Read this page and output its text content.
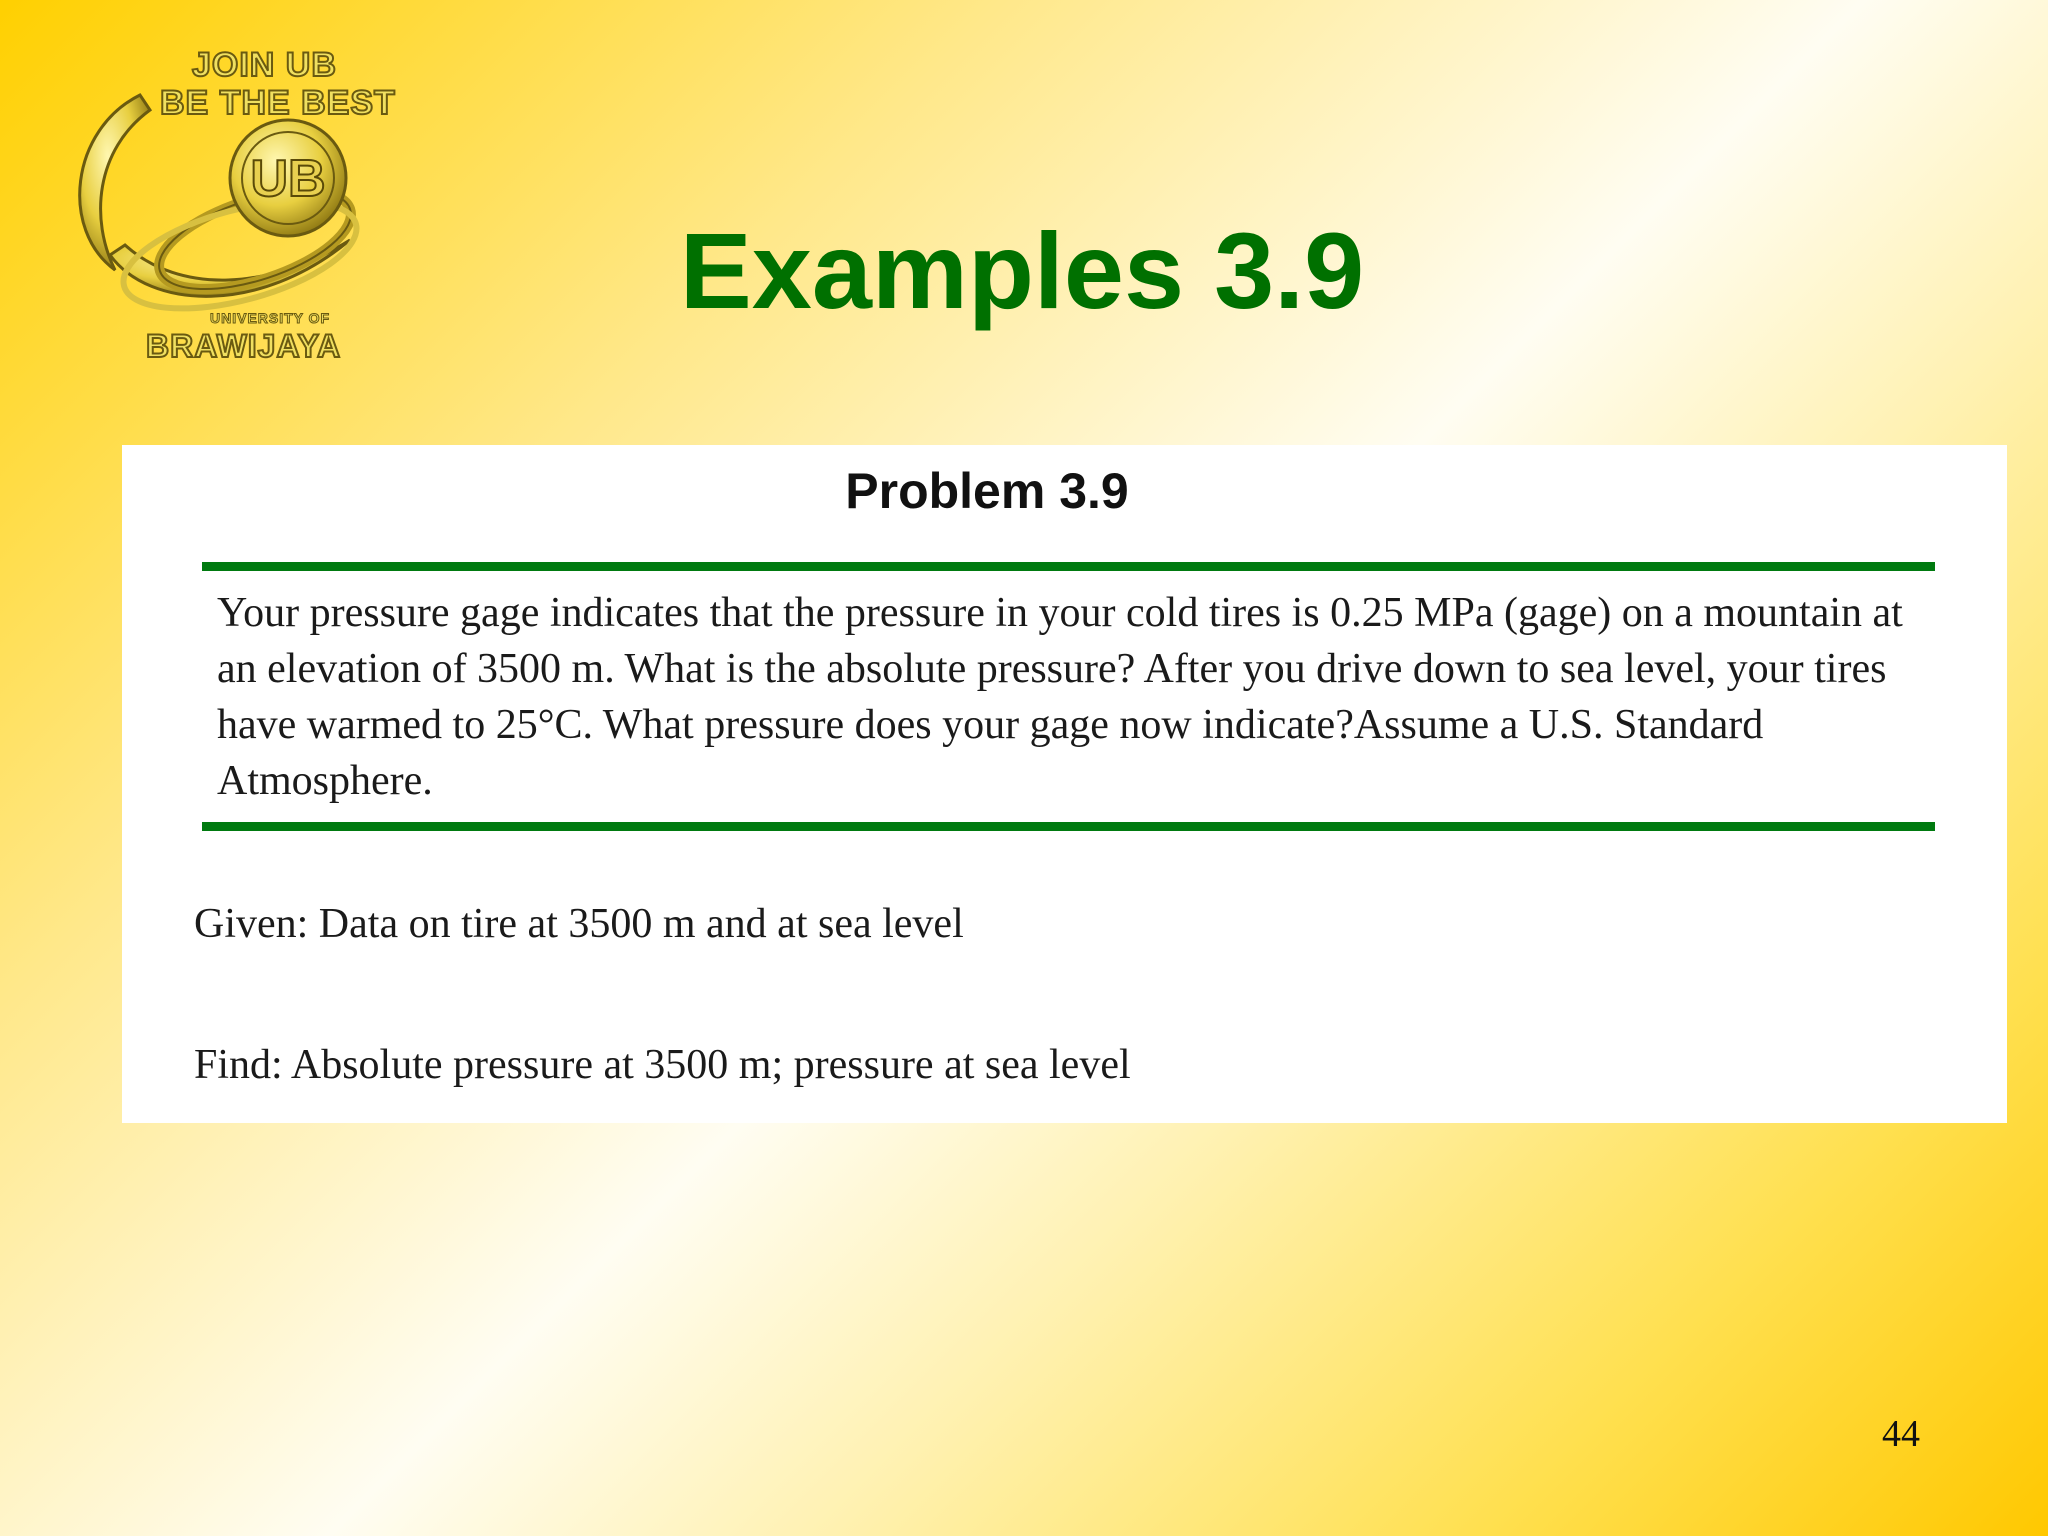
UB
JOIN UB
BE THE BEST
UNIVERSITY OF
BRAWIJAYA
Examples 3.9
Problem 3.9

Your pressure gage indicates that the pressure in your cold tires is 0.25 MPa (gage) on a mountain at an elevation of 3500 m. What is the absolute pressure? After you drive down to sea level, your tires have warmed to 25°C. What pressure does your gage now indicate?Assume a U.S. Standard Atmosphere.

Given: Data on tire at 3500 m and at sea level

Find: Absolute pressure at 3500 m; pressure at sea level

44
